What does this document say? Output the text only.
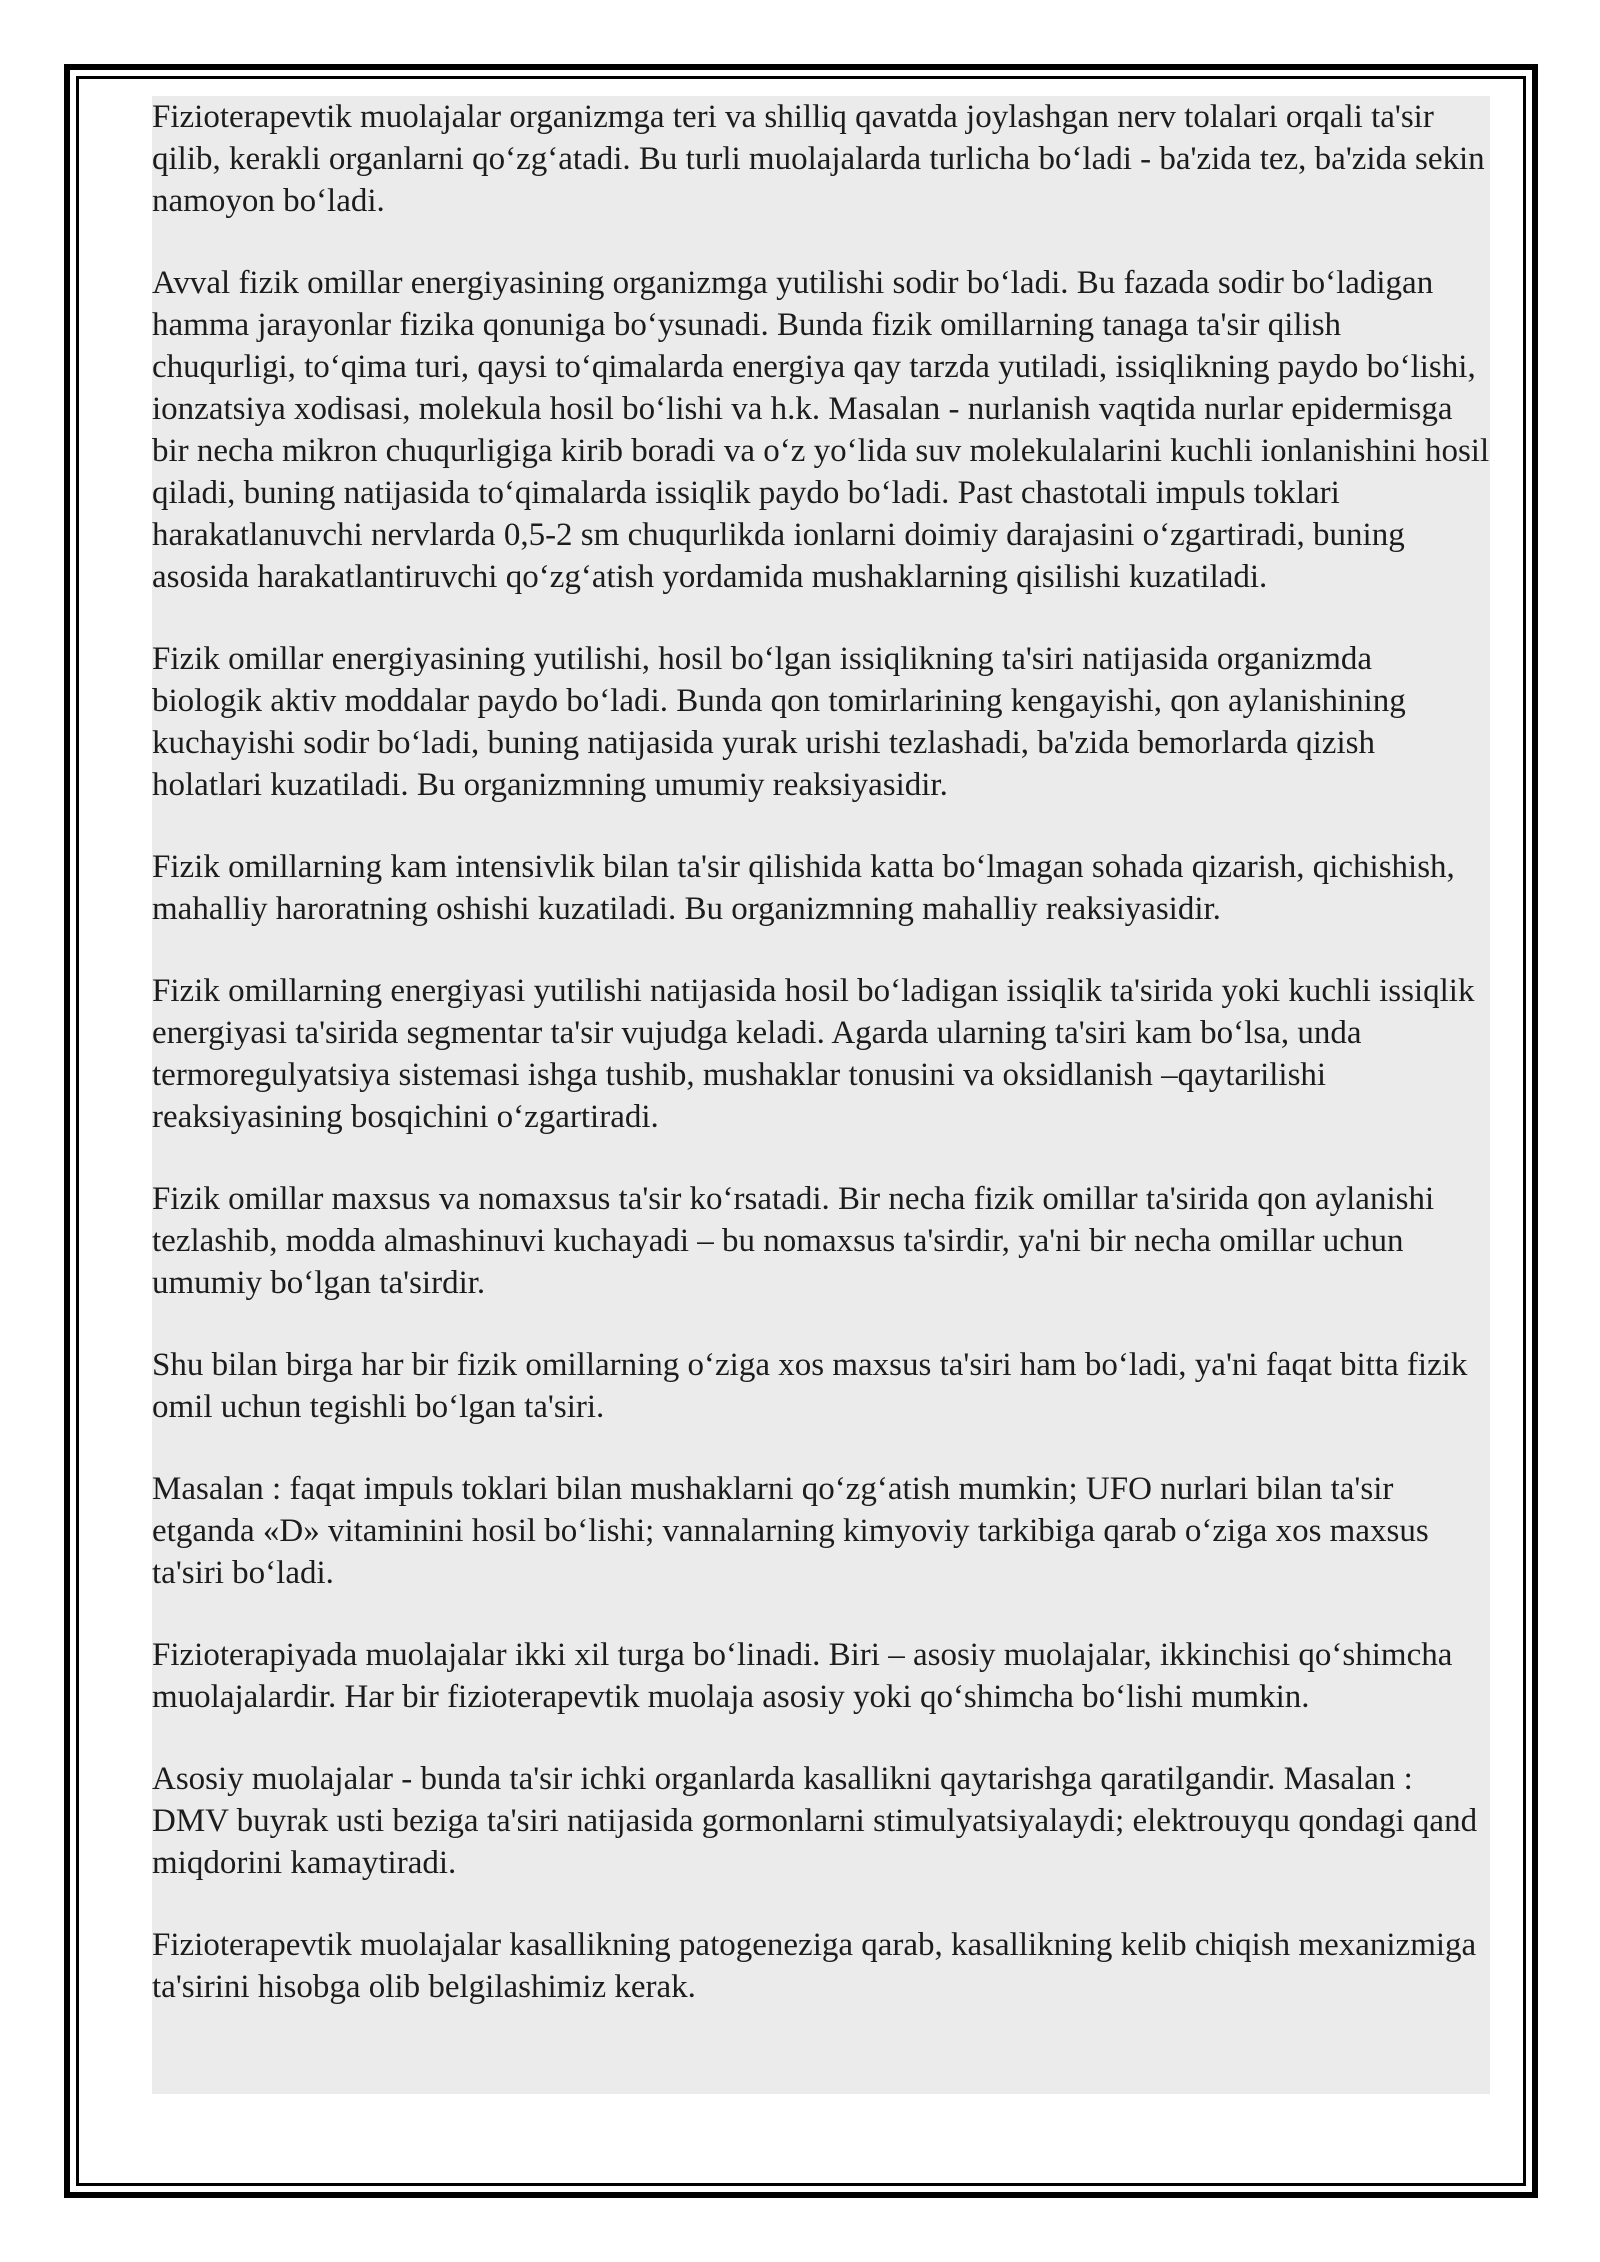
Fizioterapevtik muolajalar organizmga teri va shilliq qavatda joylashgan nerv tolalari orqali ta'sir qilib, kerakli organlarni qo‘zg‘atadi. Bu turli muolajalarda turlicha bo‘ladi - ba'zida tez, ba'zida sekin namoyon bo‘ladi.

Avval fizik omillar energiyasining organizmga yutilishi sodir bo‘ladi. Bu fazada sodir bo‘ladigan hamma jarayonlar fizika qonuniga bo‘ysunadi. Bunda fizik omillarning tanaga ta'sir qilish chuqurligi, to‘qima turi, qaysi to‘qimalarda energiya qay tarzda yutiladi, issiqlikning paydo bo‘lishi, ionzatsiya xodisasi, molekula hosil bo‘lishi va h.k. Masalan - nurlanish vaqtida nurlar epidermisga bir necha mikron chuqurligiga kirib boradi va o‘z yo‘lida suv molekulalarini kuchli ionlanishini hosil qiladi, buning natijasida to‘qimalarda issiqlik paydo bo‘ladi. Past chastotali impuls toklari harakatlanuvchi nervlarda 0,5-2 sm chuqurlikda ionlarni doimiy darajasini o‘zgartiradi, buning asosida harakatlantiruvchi qo‘zg‘atish yordamida mushaklarning qisilishi kuzatiladi.

Fizik omillar energiyasining yutilishi, hosil bo‘lgan issiqlikning ta'siri natijasida organizmda biologik aktiv moddalar paydo bo‘ladi. Bunda qon tomirlarining kengayishi, qon aylanishining kuchayishi sodir bo‘ladi, buning natijasida yurak urishi tezlashadi, ba'zida bemorlarda qizish holatlari kuzatiladi. Bu organizmning umumiy reaksiyasidir.

Fizik omillarning kam intensivlik bilan ta'sir qilishida katta bo‘lmagan sohada qizarish, qichishish, mahalliy haroratning oshishi kuzatiladi. Bu organizmning mahalliy reaksiyasidir.

Fizik omillarning energiyasi yutilishi natijasida hosil bo‘ladigan issiqlik ta'sirida yoki kuchli issiqlik energiyasi ta'sirida segmentar ta'sir vujudga keladi. Agarda ularning ta'siri kam bo‘lsa, unda termoregulyatsiya sistemasi ishga tushib, mushaklar tonusini va oksidlanish –qaytarilishi reaksiyasining bosqichini o‘zgartiradi.

Fizik omillar maxsus va nomaxsus ta'sir ko‘rsatadi. Bir necha fizik omillar ta'sirida qon aylanishi tezlashib, modda almashinuvi kuchayadi – bu nomaxsus ta'sirdir, ya'ni bir necha omillar uchun umumiy bo‘lgan ta'sirdir.

Shu bilan birga har bir fizik omillarning o‘ziga xos maxsus ta'siri ham bo‘ladi, ya'ni faqat bitta fizik omil uchun tegishli bo‘lgan ta'siri.

Masalan : faqat impuls toklari bilan mushaklarni qo‘zg‘atish mumkin; UFO nurlari bilan ta'sir etganda «D» vitaminini hosil bo‘lishi; vannalarning kimyoviy tarkibiga qarab o‘ziga xos maxsus ta'siri bo‘ladi.

Fizioterapiyada muolajalar ikki xil turga bo‘linadi. Biri – asosiy muolajalar, ikkinchisi qo‘shimcha muolajalardir. Har bir fizioterapevtik muolaja asosiy yoki qo‘shimcha bo‘lishi mumkin.

Asosiy muolajalar - bunda ta'sir ichki organlarda kasallikni qaytarishga qaratilgandir. Masalan : DMV buyrak usti beziga ta'siri natijasida gormonlarni stimulyatsiyalaydi; elektrouyqu qondagi qand miqdorini kamaytiradi.

Fizioterapevtik muolajalar kasallikning patogeneziga qarab, kasallikning kelib chiqish mexanizmiga ta'sirini hisobga olib belgilashimiz kerak.
